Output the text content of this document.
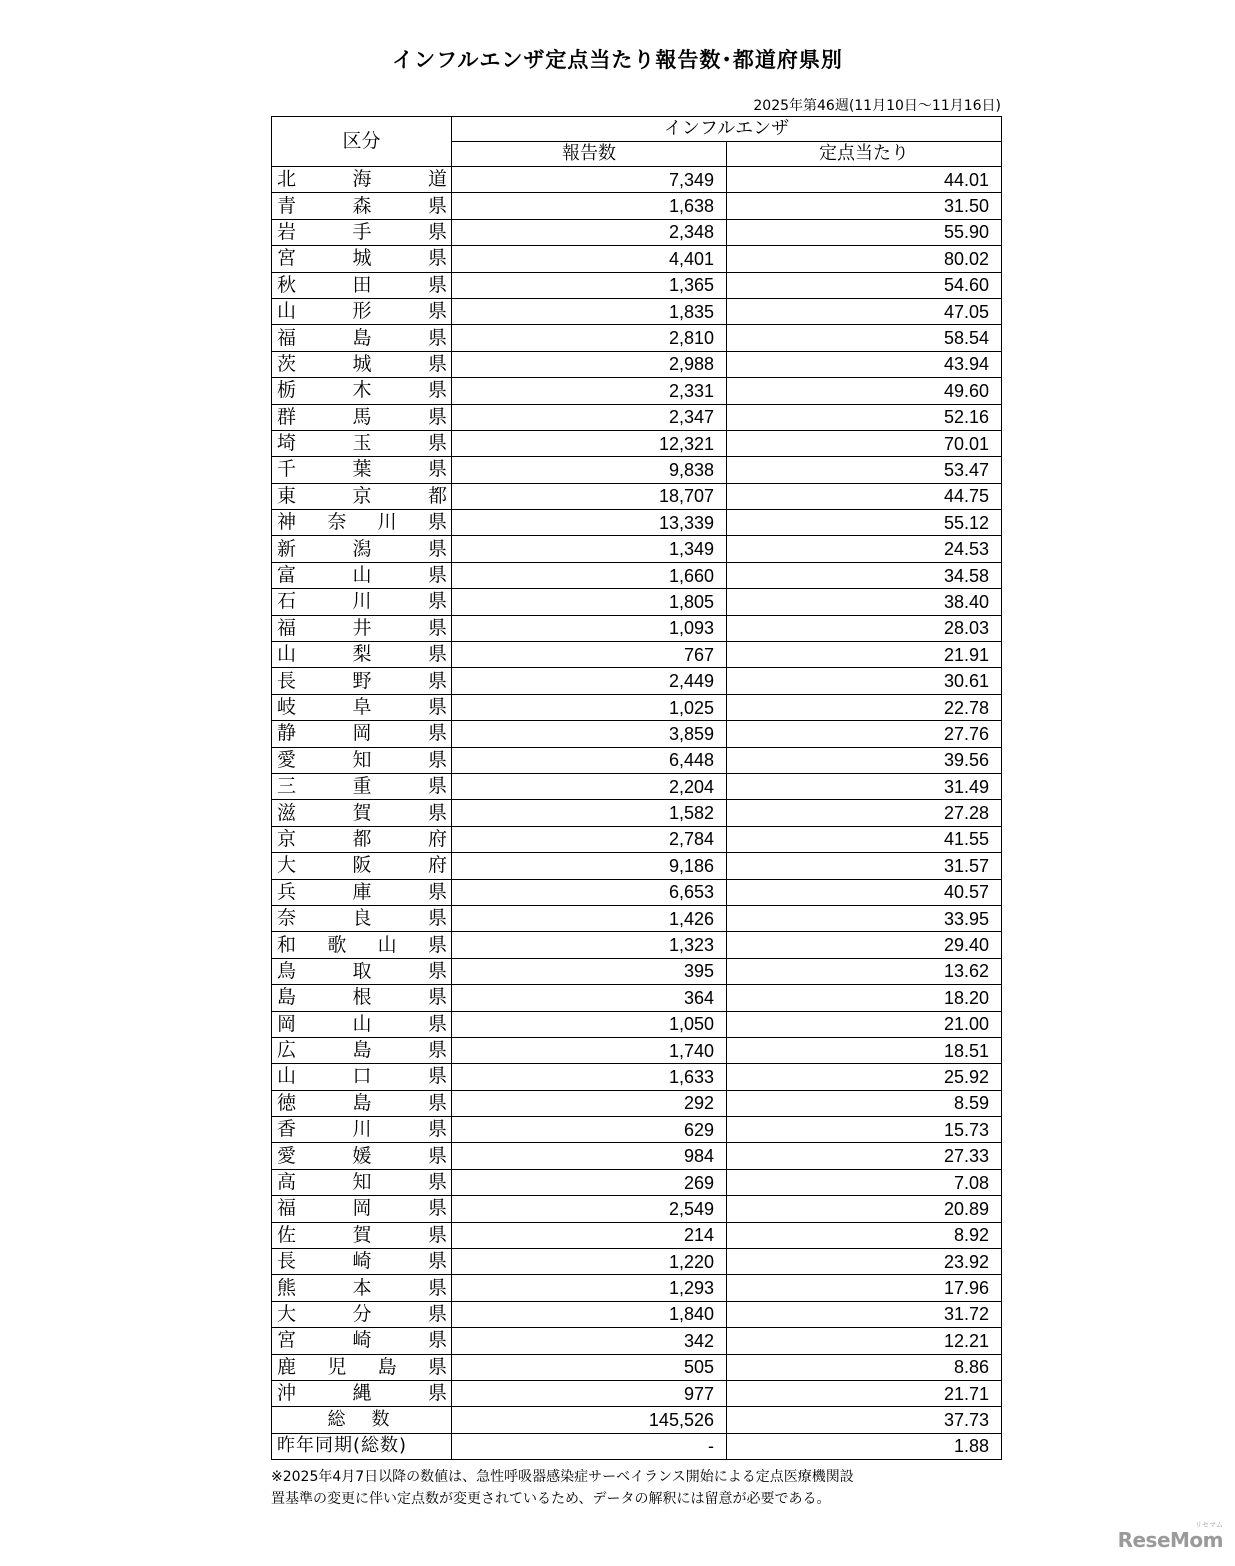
インフルエンザ定点当たり報告数･都道府県別
2025年第46週(11月10日～11月16日)
区分	インフルエンザ	
	報告数	定点当たり

北 海 道	7,349	44.01

青 森 県	1,638	31.50

岩 手 県	2,348	55.90

宮 城 県	4,401	80.02

秋 田 県	1,365	54.60

山 形 県	1,835	47.05

福 島 県	2,810	58.54

茨 城 県	2,988	43.94

栃 木 県	2,331	49.60

群 馬 県	2,347	52.16

埼 玉 県	12,321	70.01

千 葉 県	9,838	53.47

東 京 都	18,707	44.75

神 奈 川 県	13,339	55.12

新 潟 県	1,349	24.53

富 山 県	1,660	34.58

石 川 県	1,805	38.40

福 井 県	1,093	28.03

山 梨 県	767	21.91

長 野 県	2,449	30.61

岐 阜 県	1,025	22.78

静 岡 県	3,859	27.76

愛 知 県	6,448	39.56

三 重 県	2,204	31.49

滋 賀 県	1,582	27.28

京 都 府	2,784	41.55

大 阪 府	9,186	31.57

兵 庫 県	6,653	40.57

奈 良 県	1,426	33.95

和 歌 山 県	1,323	29.40

鳥 取 県	395	13.62

島 根 県	364	18.20

岡 山 県	1,050	21.00

広 島 県	1,740	18.51

山 口 県	1,633	25.92

徳 島 県	292	8.59

香 川 県	629	15.73

愛 媛 県	984	27.33

高 知 県	269	7.08

福 岡 県	2,549	20.89

佐 賀 県	214	8.92

長 崎 県	1,220	23.92

熊 本 県	1,293	17.96

大 分 県	1,840	31.72

宮 崎 県	342	12.21

鹿 児 島 県	505	8.86

沖 縄 県	977	21.71
総数	145,526	37.73
昨年同期(総数)	-	1.88
※2025年4月7日以降の数値は、急性呼吸器感染症サーベイランス開始による定点医療機関設
置基準の変更に伴い定点数が変更されているため、データの解釈には留意が必要である。
ReseMom
リセマム
